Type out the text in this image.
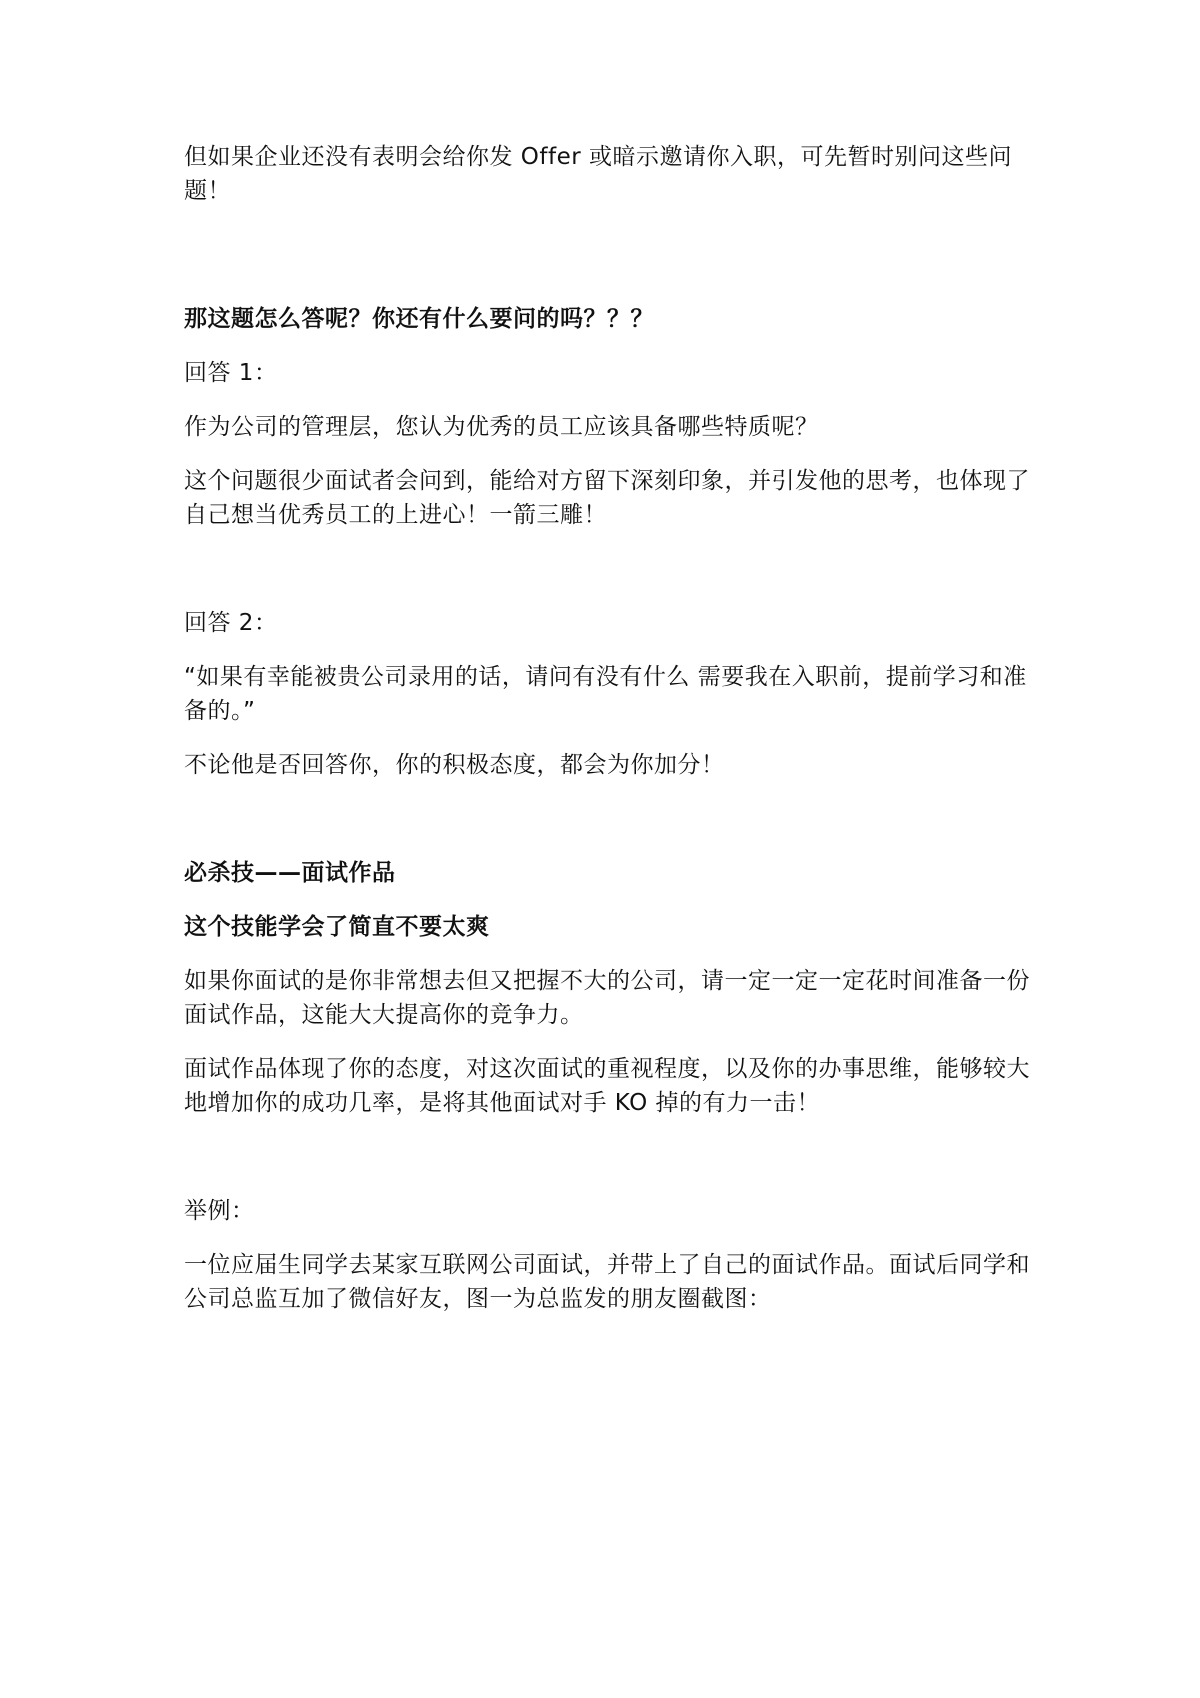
但如果企业还没有表明会给你发 Offer 或暗示邀请你入职，可先暂时别问这些问题！

那这题怎么答呢？你还有什么要问的吗？？？

回答 1：

作为公司的管理层，您认为优秀的员工应该具备哪些特质呢？

这个问题很少面试者会问到，能给对方留下深刻印象，并引发他的思考，也体现了自己想当优秀员工的上进心！一箭三雕！

回答 2：

“如果有幸能被贵公司录用的话，请问有没有什么 需要我在入职前，提前学习和准备的。”

不论他是否回答你，你的积极态度，都会为你加分！

必杀技——面试作品

这个技能学会了简直不要太爽

如果你面试的是你非常想去但又把握不大的公司，请一定一定一定花时间准备一份面试作品，这能大大提高你的竞争力。

面试作品体现了你的态度，对这次面试的重视程度，以及你的办事思维，能够较大地增加你的成功几率，是将其他面试对手 KO 掉的有力一击！

举例：

一位应届生同学去某家互联网公司面试，并带上了自己的面试作品。面试后同学和公司总监互加了微信好友，图一为总监发的朋友圈截图：
